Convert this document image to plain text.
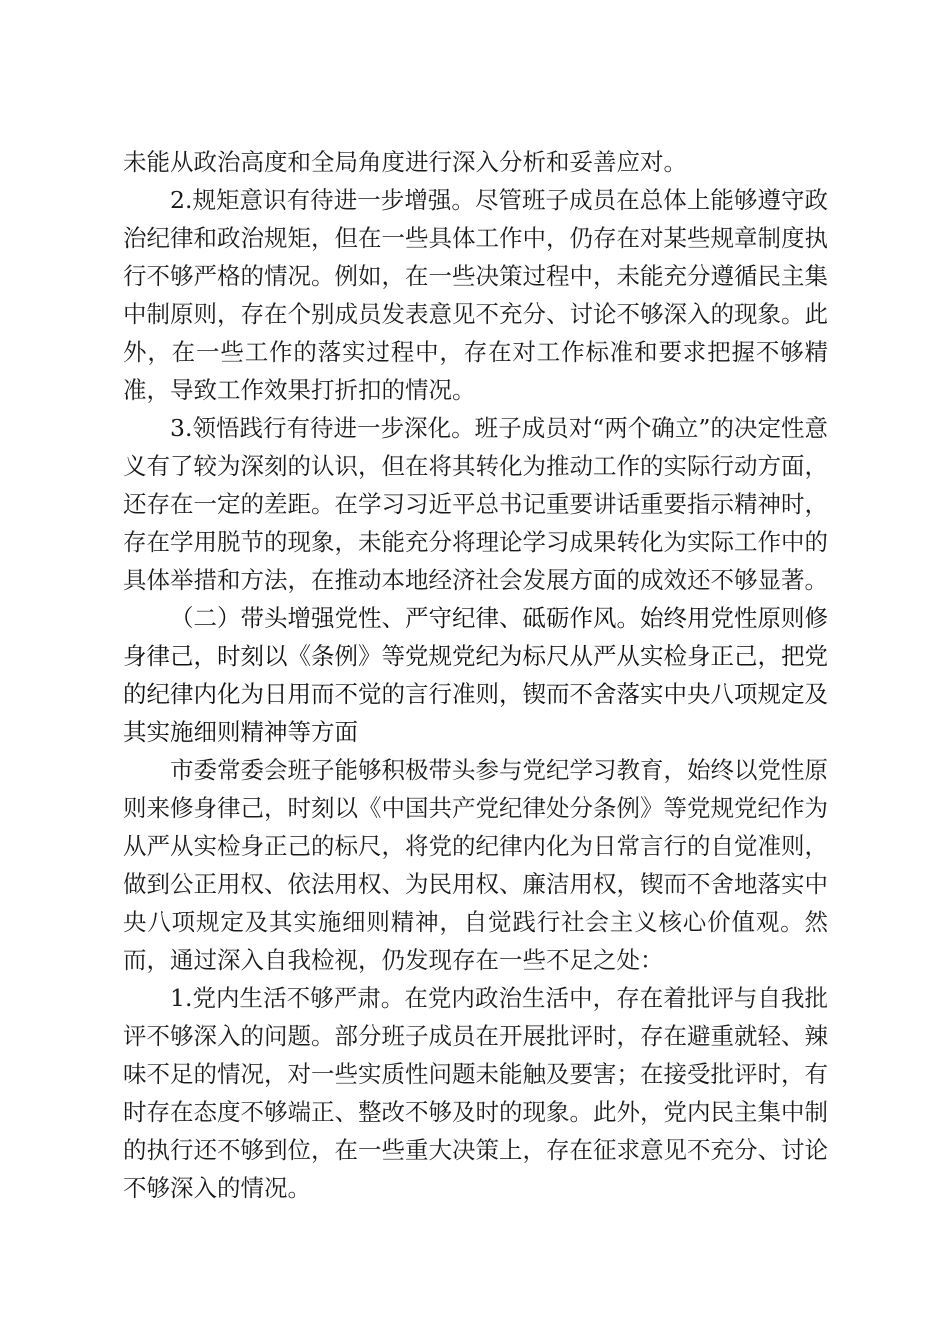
未能从政治高度和全局角度进行深入分析和妥善应对。

2.规矩意识有待进一步增强。尽管班子成员在总体上能够遵守政治纪律和政治规矩，但在一些具体工作中，仍存在对某些规章制度执行不够严格的情况。例如，在一些决策过程中，未能充分遵循民主集中制原则，存在个别成员发表意见不充分、讨论不够深入的现象。此外，在一些工作的落实过程中，存在对工作标准和要求把握不够精准，导致工作效果打折扣的情况。

3.领悟践行有待进一步深化。班子成员对“两个确立”的决定性意义有了较为深刻的认识，但在将其转化为推动工作的实际行动方面，还存在一定的差距。在学习习近平总书记重要讲话重要指示精神时，存在学用脱节的现象，未能充分将理论学习成果转化为实际工作中的具体举措和方法，在推动本地经济社会发展方面的成效还不够显著。

（二）带头增强党性、严守纪律、砥砺作风。始终用党性原则修身律己，时刻以《条例》等党规党纪为标尺从严从实检身正己，把党的纪律内化为日用而不觉的言行准则，锲而不舍落实中央八项规定及其实施细则精神等方面

市委常委会班子能够积极带头参与党纪学习教育，始终以党性原则来修身律己，时刻以《中国共产党纪律处分条例》等党规党纪作为从严从实检身正己的标尺，将党的纪律内化为日常言行的自觉准则，做到公正用权、依法用权、为民用权、廉洁用权，锲而不舍地落实中央八项规定及其实施细则精神，自觉践行社会主义核心价值观。然而，通过深入自我检视，仍发现存在一些不足之处：

1.党内生活不够严肃。在党内政治生活中，存在着批评与自我批评不够深入的问题。部分班子成员在开展批评时，存在避重就轻、辣味不足的情况，对一些实质性问题未能触及要害；在接受批评时，有时存在态度不够端正、整改不够及时的现象。此外，党内民主集中制的执行还不够到位，在一些重大决策上，存在征求意见不充分、讨论不够深入的情况。
